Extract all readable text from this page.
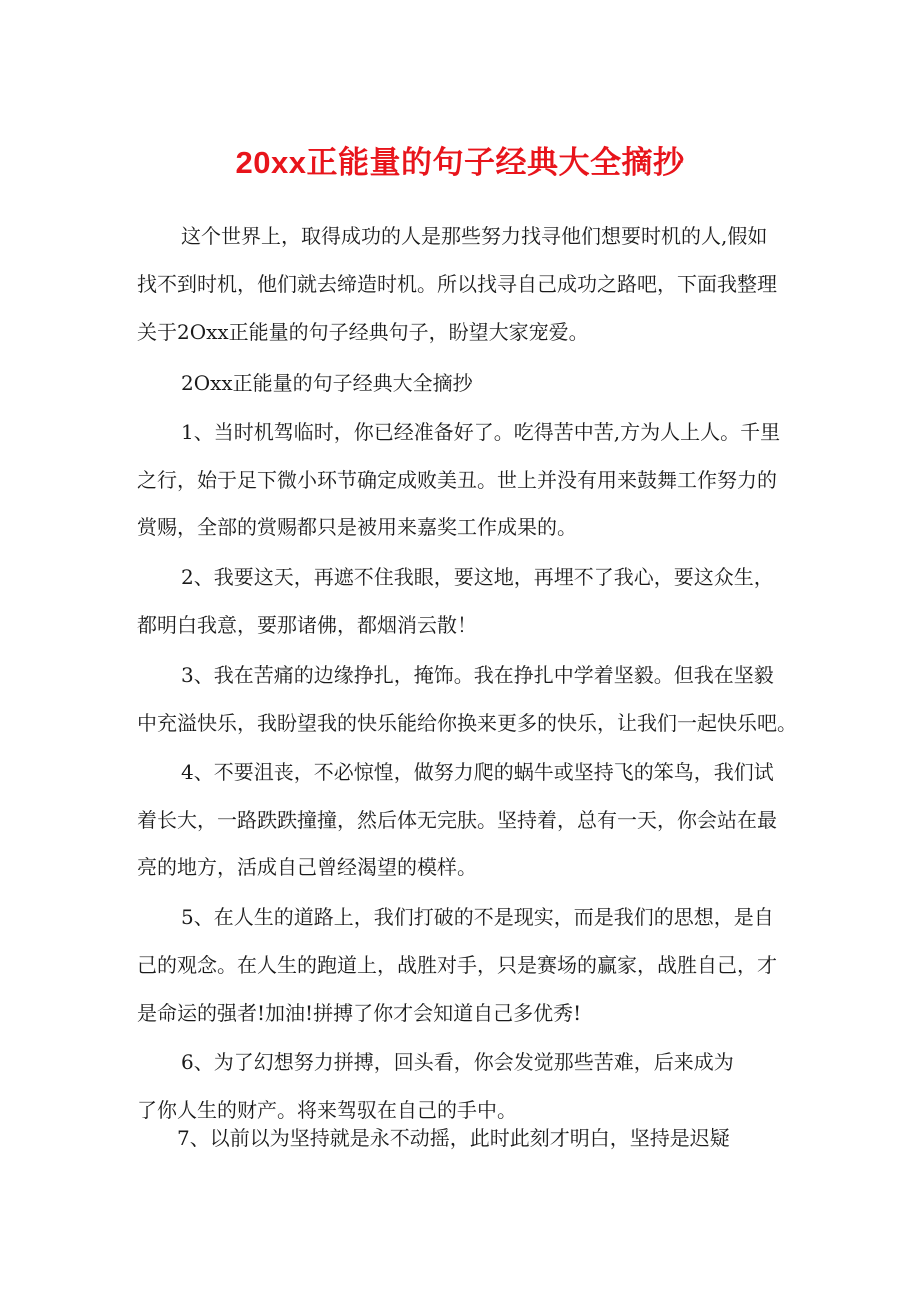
20xx正能量的句子经典大全摘抄

这个世界上，取得成功的人是那些努力找寻他们想要时机的人,假如

找不到时机，他们就去缔造时机。所以找寻自己成功之路吧，下面我整理

关于2Oxx正能量的句子经典句子，盼望大家宠爱。

2Oxx正能量的句子经典大全摘抄

1、当时机驾临时，你已经准备好了。吃得苦中苦,方为人上人。千里

之行，始于足下微小环节确定成败美丑。世上并没有用来鼓舞工作努力的

赏赐，全部的赏赐都只是被用来嘉奖工作成果的。

2、我要这天，再遮不住我眼，要这地，再埋不了我心，要这众生，

都明白我意，要那诸佛，都烟消云散！

3、我在苦痛的边缘挣扎，掩饰。我在挣扎中学着坚毅。但我在坚毅

中充溢快乐，我盼望我的快乐能给你换来更多的快乐，让我们一起快乐吧。

4、不要沮丧，不必惊惶，做努力爬的蜗牛或坚持飞的笨鸟，我们试

着长大，一路跌跌撞撞，然后体无完肤。坚持着，总有一天，你会站在最

亮的地方，活成自己曾经渴望的模样。

5、在人生的道路上，我们打破的不是现实，而是我们的思想，是自

己的观念。在人生的跑道上，战胜对手，只是赛场的赢家，战胜自己，才

是命运的强者!加油!拼搏了你才会知道自己多优秀!

6、为了幻想努力拼搏，回头看，你会发觉那些苦难，后来成为

了你人生的财产。将来驾驭在自己的手中。

7、以前以为坚持就是永不动摇，此时此刻才明白，坚持是迟疑
